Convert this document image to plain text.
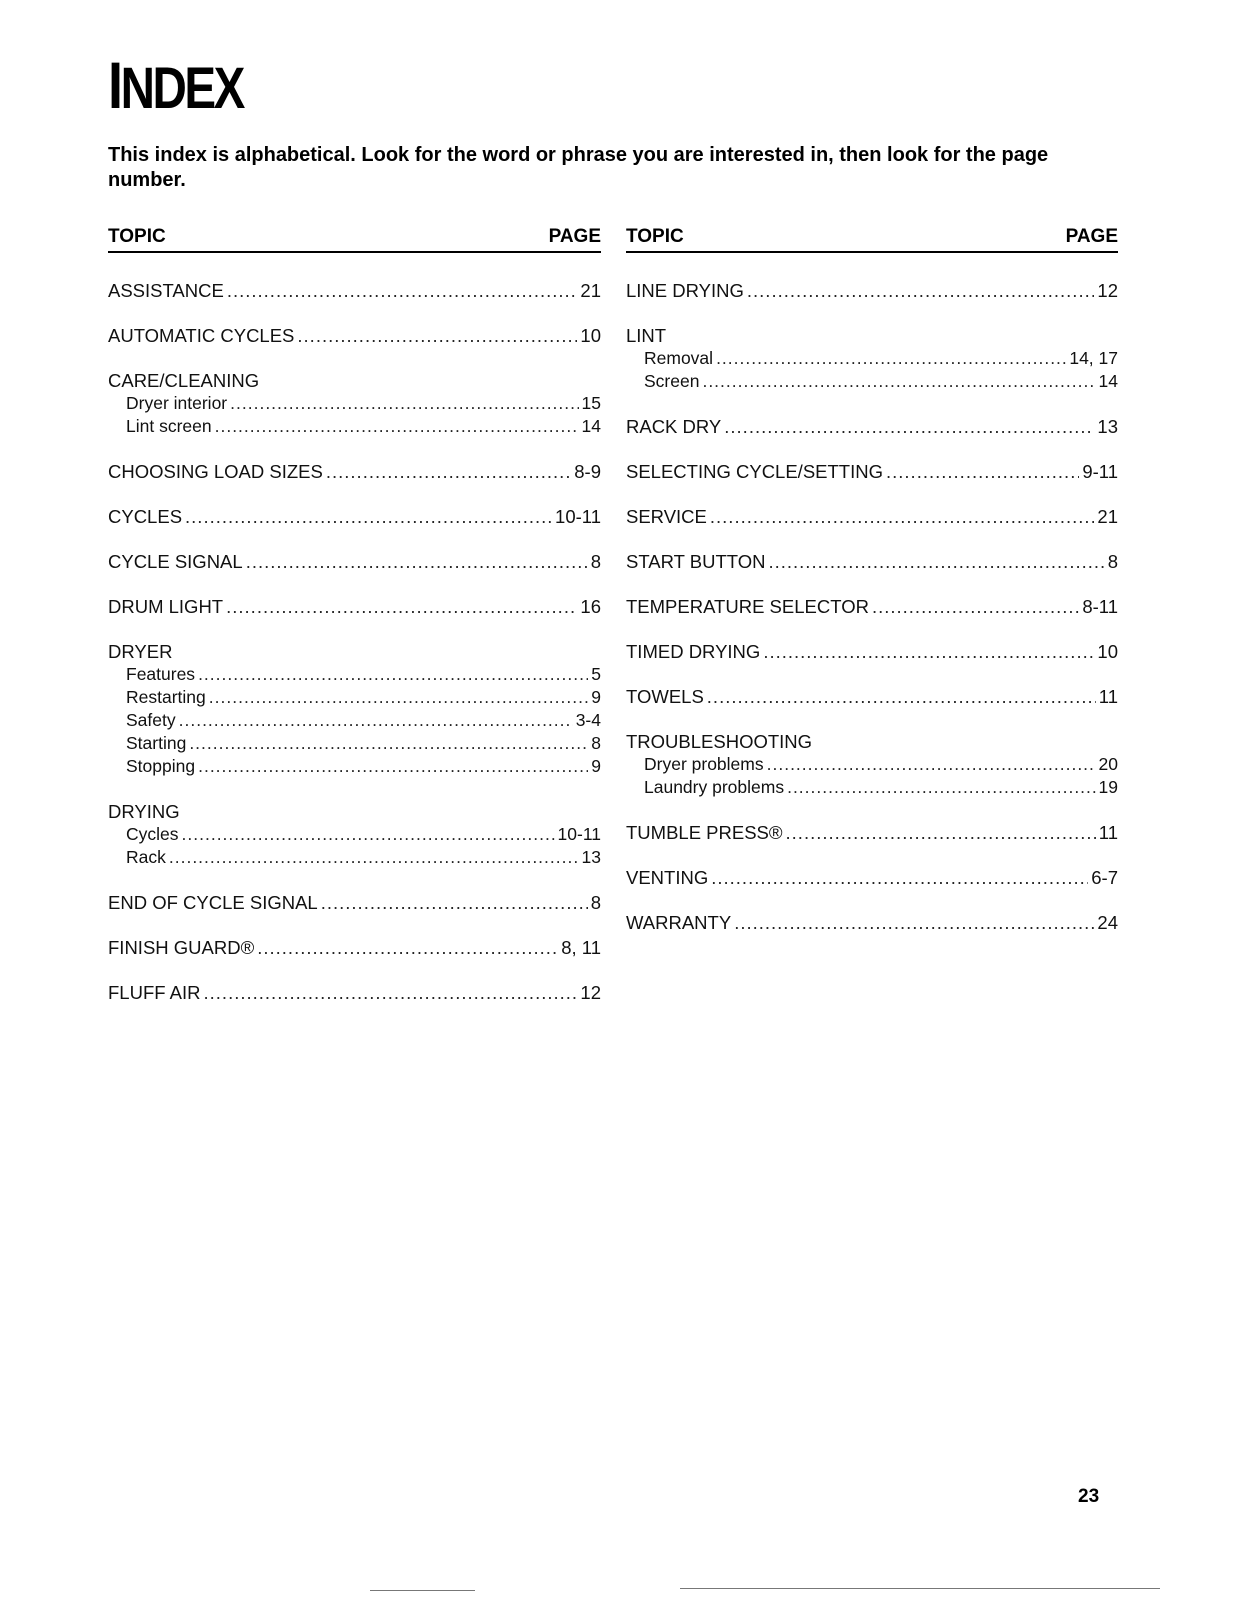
INDEX

This index is alphabetical. Look for the word or phrase you are interested in, then look for the page number.

TOPIC	PAGE
ASSISTANCE .....	21
AUTOMATIC CYCLES .....	10
CARE/CLEANING
Dryer interior .....	15
Lint screen .....	14
CHOOSING LOAD SIZES .....	8-9
CYCLES .....	10-11
CYCLE SIGNAL .....	8
DRUM LIGHT .....	16
DRYER
Features .....	5
Restarting .....	9
Safety .....	3-4
Starting .....	8
Stopping .....	9
DRYING
Cycles .....	10-11
Rack .....	13
END OF CYCLE SIGNAL .....	8
FINISH GUARD® .....	8, 11
FLUFF AIR .....	12
TOPIC	PAGE
LINE DRYING .....	12
LINT
Removal .....	14, 17
Screen .....	14
RACK DRY .....	13
SELECTING CYCLE/SETTING .....	9-11
SERVICE .....	21
START BUTTON .....	8
TEMPERATURE SELECTOR .....	8-11
TIMED DRYING .....	10
TOWELS .....	11
TROUBLESHOOTING
Dryer problems .....	20
Laundry problems .....	19
TUMBLE PRESS® .....	11
VENTING .....	6-7
WARRANTY .....	24
23
